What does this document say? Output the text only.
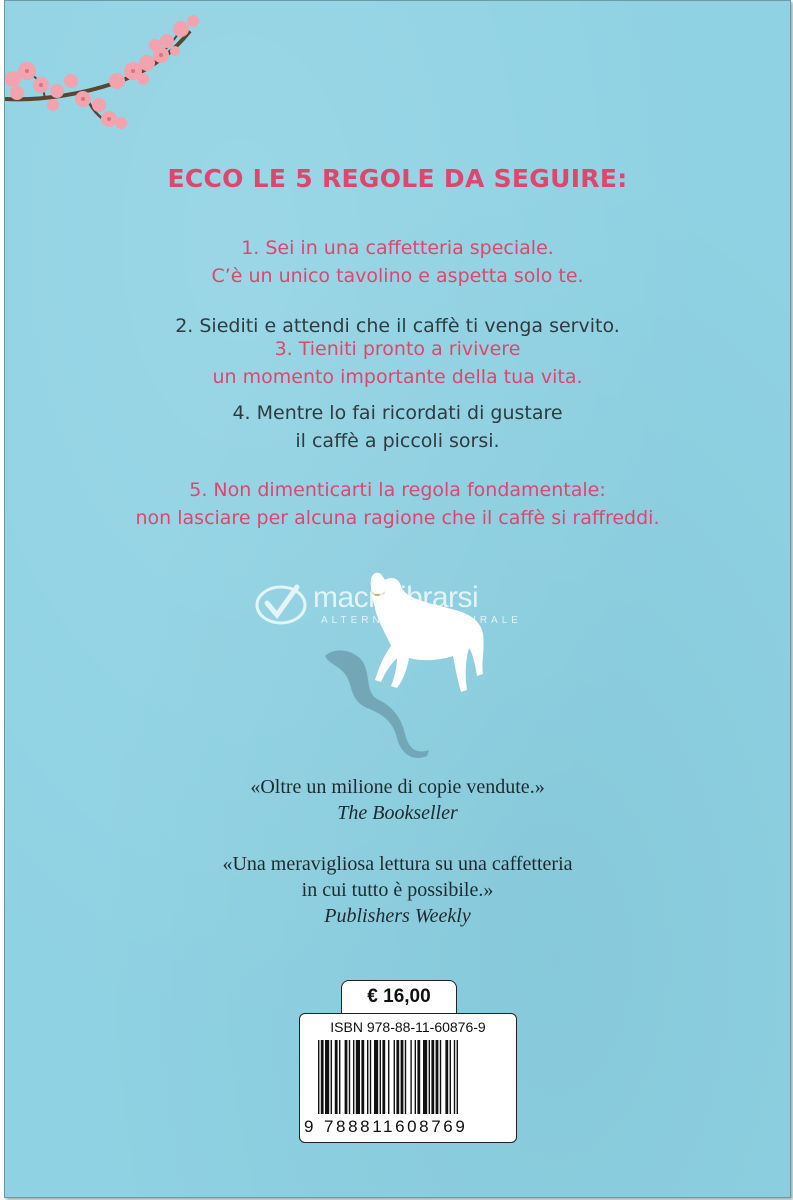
ECCO LE 5 REGOLE DA SEGUIRE:
1. Sei in una caffetteria speciale.
C’è un unico tavolino e aspetta solo te.
2. Siediti e attendi che il caffè ti venga servito.
3. Tieniti pronto a rivivere
un momento importante della tua vita.
4. Mentre lo fai ricordati di gustare
il caffè a piccoli sorsi.
5. Non dimenticarti la regola fondamentale:
non lasciare per alcuna ragione che il caffè si raffreddi.
macrolibrarsi
ALTERNATIVA NATURALE
«Oltre un milione di copie vendute.»
The Bookseller
«Una meravigliosa lettura su una caffetteria
in cui tutto è possibile.»
Publishers Weekly
€ 16,00
ISBN 978-88-11-60876-9
9 788811608769
